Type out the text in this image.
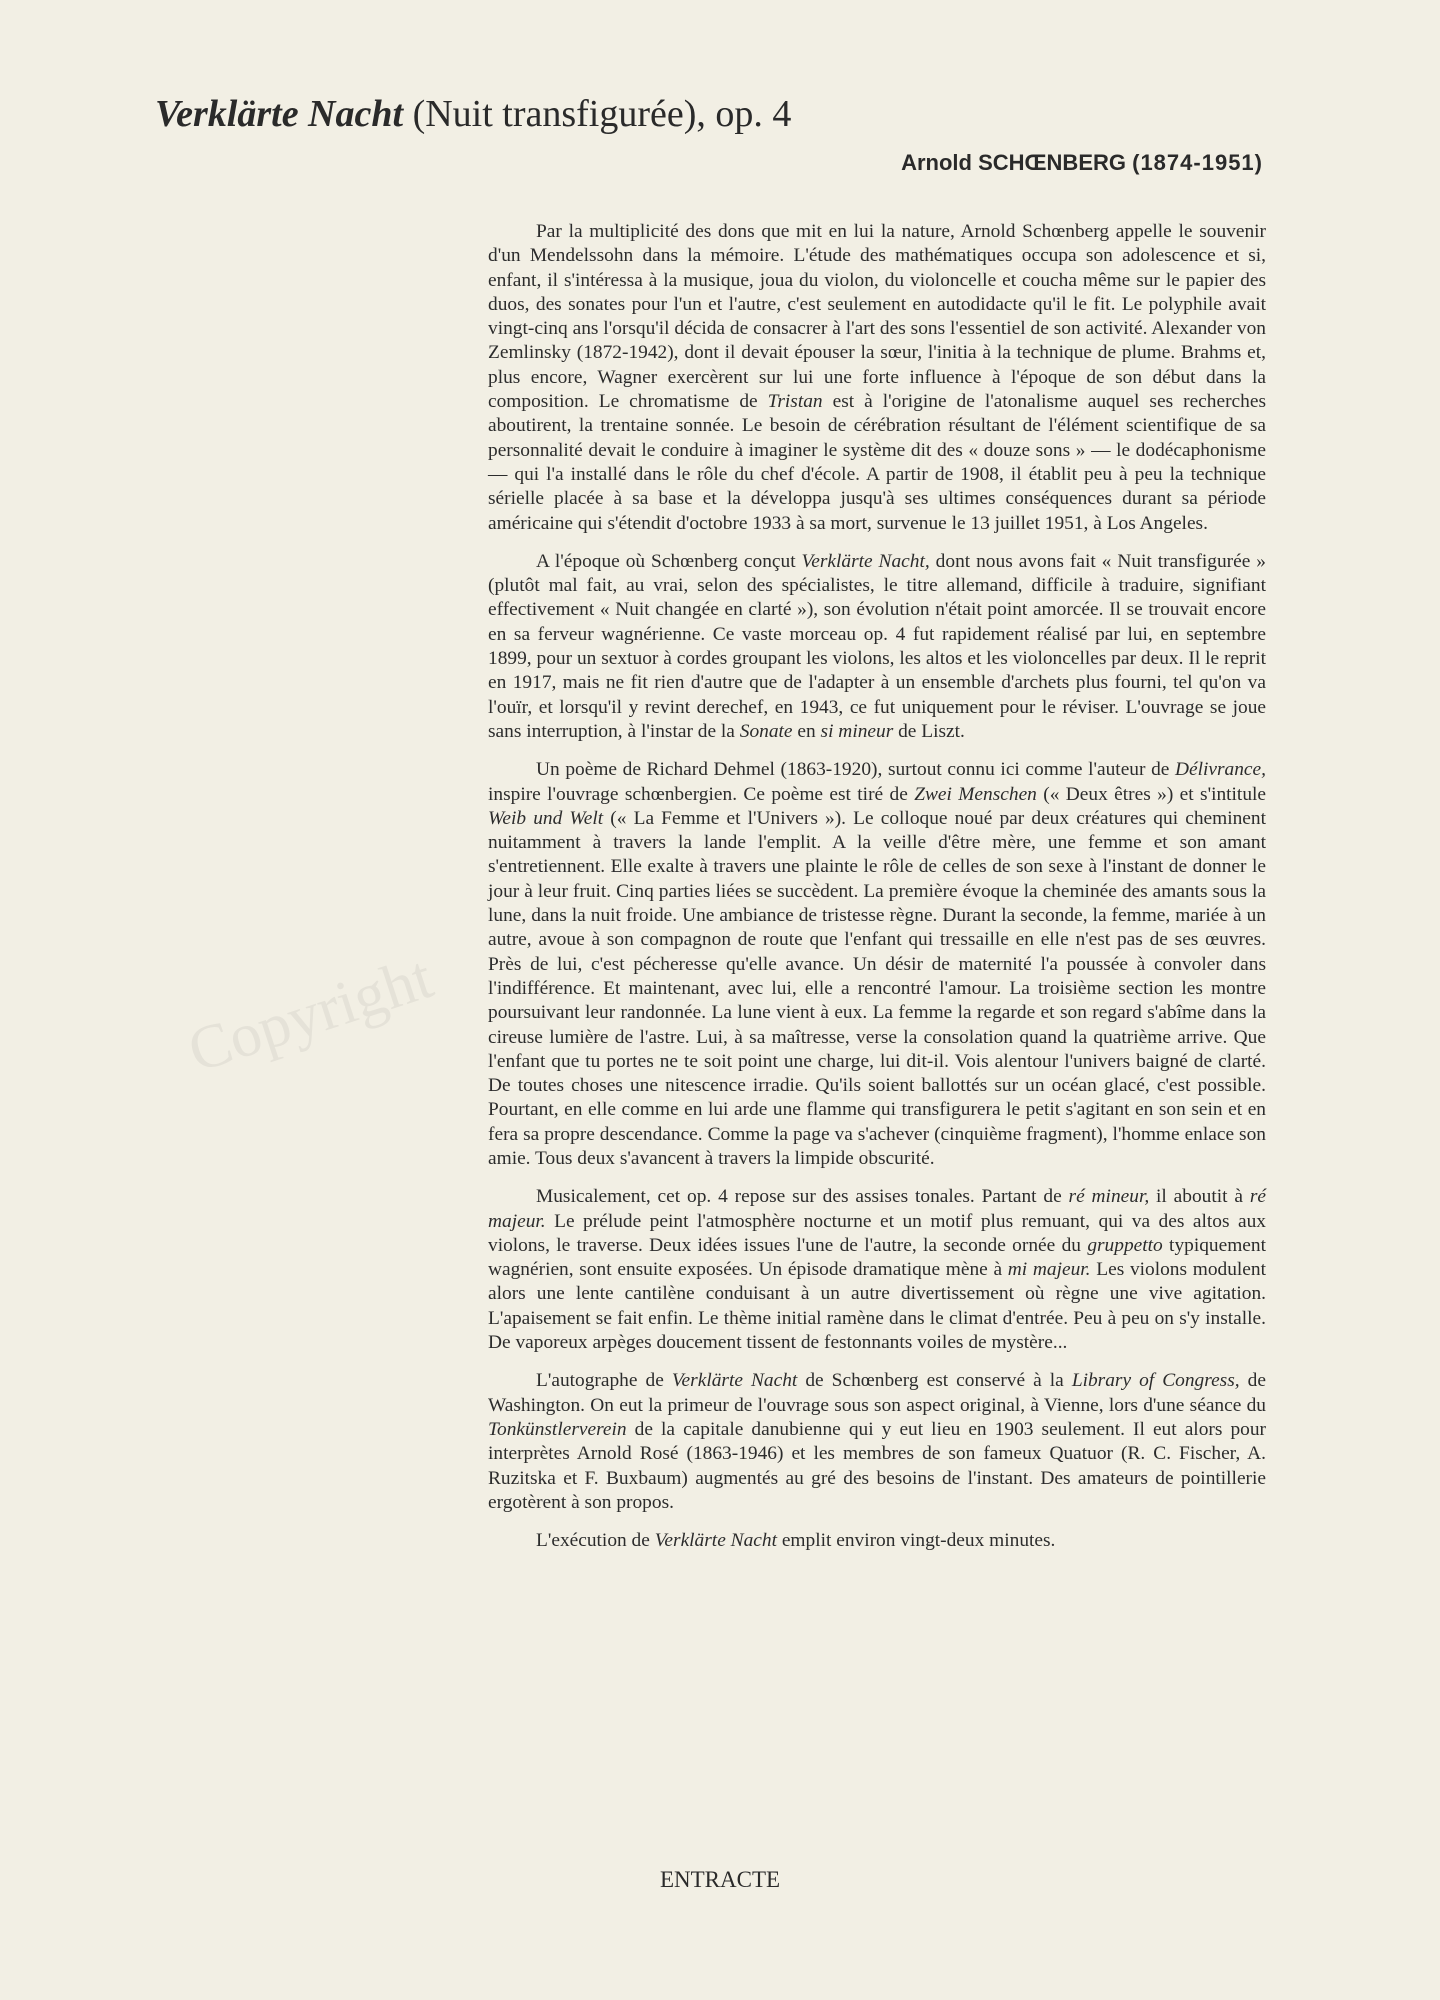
Copyright
Verklärte Nacht (Nuit transfigurée), op. 4
Arnold SCHŒNBERG (1874-1951)

Par la multiplicité des dons que mit en lui la nature, Arnold Schœnberg appelle le souvenir d'un Mendelssohn dans la mémoire. L'étude des mathématiques occupa son adolescence et si, enfant, il s'intéressa à la musique, joua du violon, du violoncelle et coucha même sur le papier des duos, des sonates pour l'un et l'autre, c'est seulement en autodidacte qu'il le fit. Le polyphile avait vingt-cinq ans l'orsqu'il décida de consacrer à l'art des sons l'essentiel de son activité. Alexander von Zemlinsky (1872-1942), dont il devait épouser la sœur, l'initia à la technique de plume. Brahms et, plus encore, Wagner exercèrent sur lui une forte influence à l'époque de son début dans la composition. Le chromatisme de Tristan est à l'origine de l'atonalisme auquel ses recherches aboutirent, la trentaine sonnée. Le besoin de cérébration résultant de l'élément scientifique de sa personnalité devait le conduire à imaginer le système dit des « douze sons » — le dodécaphonisme — qui l'a installé dans le rôle du chef d'école. A partir de 1908, il établit peu à peu la technique sérielle placée à sa base et la développa jusqu'à ses ultimes conséquences durant sa période américaine qui s'étendit d'octobre 1933 à sa mort, survenue le 13 juillet 1951, à Los Angeles.

A l'époque où Schœnberg conçut Verklärte Nacht, dont nous avons fait « Nuit transfigurée » (plutôt mal fait, au vrai, selon des spécialistes, le titre allemand, difficile à traduire, signifiant effectivement « Nuit changée en clarté »), son évolution n'était point amorcée. Il se trouvait encore en sa ferveur wagnérienne. Ce vaste morceau op. 4 fut rapidement réalisé par lui, en septembre 1899, pour un sextuor à cordes groupant les violons, les altos et les violoncelles par deux. Il le reprit en 1917, mais ne fit rien d'autre que de l'adapter à un ensemble d'archets plus fourni, tel qu'on va l'ouïr, et lorsqu'il y revint derechef, en 1943, ce fut uniquement pour le réviser. L'ouvrage se joue sans interruption, à l'instar de la Sonate en si mineur de Liszt.

Un poème de Richard Dehmel (1863-1920), surtout connu ici comme l'auteur de Délivrance, inspire l'ouvrage schœnbergien. Ce poème est tiré de Zwei Menschen (« Deux êtres ») et s'intitule Weib und Welt (« La Femme et l'Univers »). Le colloque noué par deux créatures qui cheminent nuitamment à travers la lande l'emplit. A la veille d'être mère, une femme et son amant s'entretiennent. Elle exalte à travers une plainte le rôle de celles de son sexe à l'instant de donner le jour à leur fruit. Cinq parties liées se succèdent. La première évoque la cheminée des amants sous la lune, dans la nuit froide. Une ambiance de tristesse règne. Durant la seconde, la femme, mariée à un autre, avoue à son compagnon de route que l'enfant qui tressaille en elle n'est pas de ses œuvres. Près de lui, c'est pécheresse qu'elle avance. Un désir de maternité l'a poussée à convoler dans l'indifférence. Et maintenant, avec lui, elle a rencontré l'amour. La troisième section les montre poursuivant leur randonnée. La lune vient à eux. La femme la regarde et son regard s'abîme dans la cireuse lumière de l'astre. Lui, à sa maîtresse, verse la consolation quand la quatrième arrive. Que l'enfant que tu portes ne te soit point une charge, lui dit-il. Vois alentour l'univers baigné de clarté. De toutes choses une nitescence irradie. Qu'ils soient ballottés sur un océan glacé, c'est possible. Pourtant, en elle comme en lui arde une flamme qui transfigurera le petit s'agitant en son sein et en fera sa propre descendance. Comme la page va s'achever (cinquième fragment), l'homme enlace son amie. Tous deux s'avancent à travers la limpide obscurité.

Musicalement, cet op. 4 repose sur des assises tonales. Partant de ré mineur, il aboutit à ré majeur. Le prélude peint l'atmosphère nocturne et un motif plus remuant, qui va des altos aux violons, le traverse. Deux idées issues l'une de l'autre, la seconde ornée du gruppetto typiquement wagnérien, sont ensuite exposées. Un épisode dramatique mène à mi majeur. Les violons modulent alors une lente cantilène conduisant à un autre divertissement où règne une vive agitation. L'apaisement se fait enfin. Le thème initial ramène dans le climat d'entrée. Peu à peu on s'y installe. De vaporeux arpèges doucement tissent de festonnants voiles de mystère...

L'autographe de Verklärte Nacht de Schœnberg est conservé à la Library of Congress, de Washington. On eut la primeur de l'ouvrage sous son aspect original, à Vienne, lors d'une séance du Tonkünstlerverein de la capitale danubienne qui y eut lieu en 1903 seulement. Il eut alors pour interprètes Arnold Rosé (1863-1946) et les membres de son fameux Quatuor (R. C. Fischer, A. Ruzitska et F. Buxbaum) augmentés au gré des besoins de l'instant. Des amateurs de pointillerie ergotèrent à son propos.

L'exécution de Verklärte Nacht emplit environ vingt-deux minutes.

ENTRACTE
